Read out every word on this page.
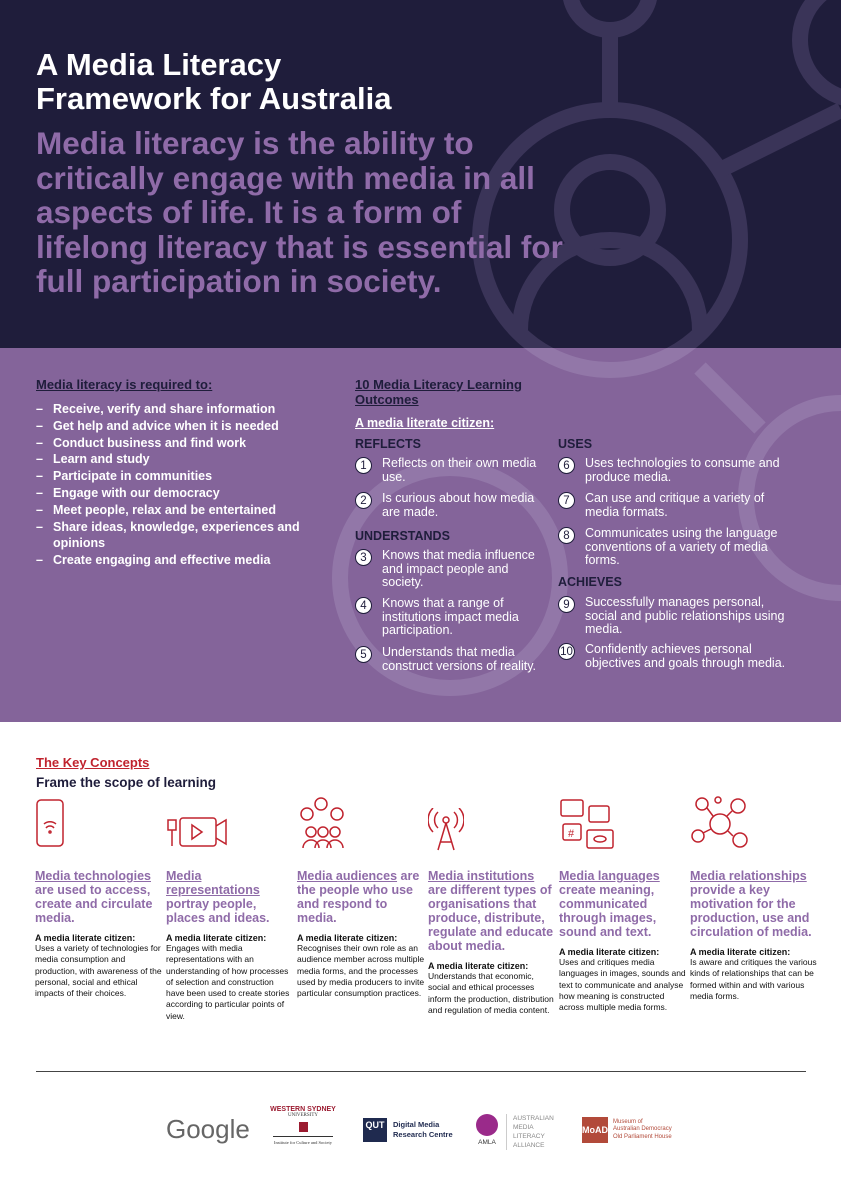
A Media Literacy
Framework for Australia
Media literacy is the ability to critically engage with media in all aspects of life. It is a form of lifelong literacy that is essential for full participation in society.
Media literacy is required to:
– Receive, verify and share information
– Get help and advice when it is needed
– Conduct business and find work
– Learn and study
– Participate in communities
– Engage with our democracy
– Meet people, relax and be entertained
– Share ideas, knowledge, experiences and opinions
– Create engaging and effective media
10 Media Literacy Learning Outcomes
A media literate citizen:
REFLECTS
UNDERSTANDS
USES
ACHIEVES
1	Reflects on their own media use.
2	Is curious about how media are made.
3	Knows that media influence and impact people and society.
4	Knows that a range of institutions impact media participation.
5	Understands that media construct versions of reality.
6	Uses technologies to consume and produce media.
7	Can use and critique a variety of media formats.
8	Communicates using the language conventions of a variety of media forms.
9	Successfully manages personal, social and public relationships using media.
10 Confidently achieves personal objectives and goals through media.
The Key Concepts
Frame the scope of learning
#
Media technologies are used to access, create and circulate media.
A media literate citizen:
Uses a variety of technologies for media consumption and production, with awareness of the personal, social and ethical impacts of their choices.
Media representations portray people, places and ideas.
A media literate citizen:
Engages with media representations with an understanding of how processes of selection and construction have been used to create stories according to particular points of view.
Media audiences are the people who use and respond to media.
A media literate citizen:
Recognises their own role as an audience member across multiple media forms, and the processes used by media producers to invite particular consumption practices.
Media institutions are different types of organisations that produce, distribute, regulate and educate about media.
A media literate citizen:
Understands that economic, social and ethical processes inform the production, distribution and regulation of media content.
Media languages create meaning, communicated through images, sound and text.
A media literate citizen:
Uses and critiques media languages in images, sounds and text to communicate and analyse how meaning is constructed across multiple media forms.
Media relationships provide a key motivation for the production, use and circulation of media.
A media literate citizen:
Is aware and critiques the various kinds of relationships that can be formed within and with various media forms.
Google
WESTERN SYDNEY
UNIVERSITY
Institute for Culture and Society
QUT	Digital Media
Research Centre
AMLA
AUSTRALIAN
MEDIA
LITERACY
ALLIANCE
MoAD
Museum of
Australian Democracy
Old Parliament House
